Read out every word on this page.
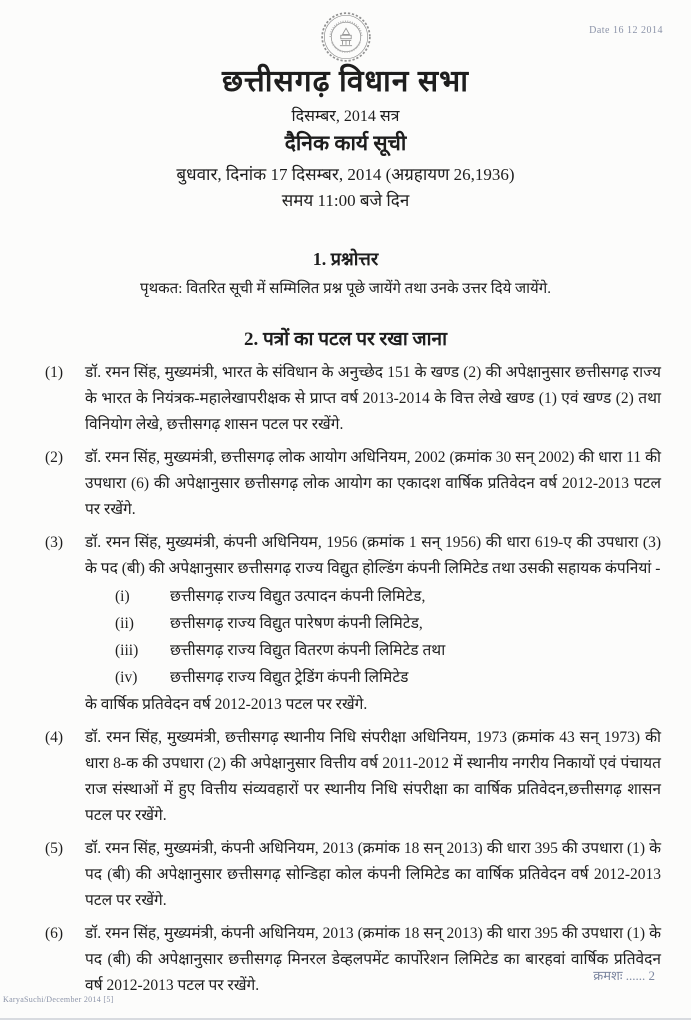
Date 16 12 2014
छत्तीसगढ़ विधान सभा
दिसम्बर, 2014 सत्र
दैनिक कार्य सूची
बुधवार, दिनांक 17 दिसम्बर, 2014 (अग्रहायण 26,1936)
समय 11:00 बजे दिन
1. प्रश्नोत्तर
पृथकत: वितरित सूची में सम्मिलित प्रश्न पूछे जायेंगे तथा उनके उत्तर दिये जायेंगे.
2. पत्रों का पटल पर रखा जाना
(1)	डॉ. रमन सिंह, मुख्यमंत्री, भारत के संविधान के अनुच्छेद 151 के खण्ड (2) की अपेक्षानुसार छत्तीसगढ़ राज्य के भारत के नियंत्रक-महालेखापरीक्षक से प्राप्त वर्ष 2013-2014 के वित्त लेखे खण्ड (1) एवं खण्ड (2) तथा विनियोग लेखे, छत्तीसगढ़ शासन पटल पर रखेंगे.
(2)	डॉ. रमन सिंह, मुख्यमंत्री, छत्तीसगढ़ लोक आयोग अधिनियम, 2002 (क्रमांक 30 सन् 2002) की धारा 11 की उपधारा (6) की अपेक्षानुसार छत्तीसगढ़ लोक आयोग का एकादश वार्षिक प्रतिवेदन वर्ष 2012-2013 पटल पर रखेंगे.
(3)	डॉ. रमन सिंह, मुख्यमंत्री, कंपनी अधिनियम, 1956 (क्रमांक 1 सन् 1956) की धारा 619-ए की उपधारा (3) के पद (बी) की अपेक्षानुसार छत्तीसगढ़ राज्य विद्युत होल्डिंग कंपनी लिमिटेड तथा उसकी सहायक कंपनियां -
(i)	छत्तीसगढ़ राज्य विद्युत उत्पादन कंपनी लिमिटेड,
(ii)	छत्तीसगढ़ राज्य विद्युत पारेषण कंपनी लिमिटेड,
(iii)	छत्तीसगढ़ राज्य विद्युत वितरण कंपनी लिमिटेड तथा
(iv)	छत्तीसगढ़ राज्य विद्युत ट्रेडिंग कंपनी लिमिटेड
के वार्षिक प्रतिवेदन वर्ष 2012-2013 पटल पर रखेंगे.
(4)	डॉ. रमन सिंह, मुख्यमंत्री, छत्तीसगढ़ स्थानीय निधि संपरीक्षा अधिनियम, 1973 (क्रमांक 43 सन् 1973) की धारा 8-क की उपधारा (2) की अपेक्षानुसार वित्तीय वर्ष 2011-2012 में स्थानीय नगरीय निकायों एवं पंचायत राज संस्थाओं में हुए वित्तीय संव्यवहारों पर स्थानीय निधि संपरीक्षा का वार्षिक प्रतिवेदन,छत्तीसगढ़ शासन पटल पर रखेंगे.
(5)	डॉ. रमन सिंह, मुख्यमंत्री, कंपनी अधिनियम, 2013 (क्रमांक 18 सन् 2013) की धारा 395 की उपधारा (1) के पद (बी) की अपेक्षानुसार छत्तीसगढ़ सोन्डिहा कोल कंपनी लिमिटेड का वार्षिक प्रतिवेदन वर्ष 2012-2013 पटल पर रखेंगे.
(6)	डॉ. रमन सिंह, मुख्यमंत्री, कंपनी अधिनियम, 2013 (क्रमांक 18 सन् 2013) की धारा 395 की उपधारा (1) के पद (बी) की अपेक्षानुसार छत्तीसगढ़ मिनरल डेव्हलपमेंट कार्पोरेशन लिमिटेड का बारहवां वार्षिक प्रतिवेदन वर्ष 2012-2013 पटल पर रखेंगे.
क्रमशः ...... 2
KaryaSuchi/December 2014 [5]
